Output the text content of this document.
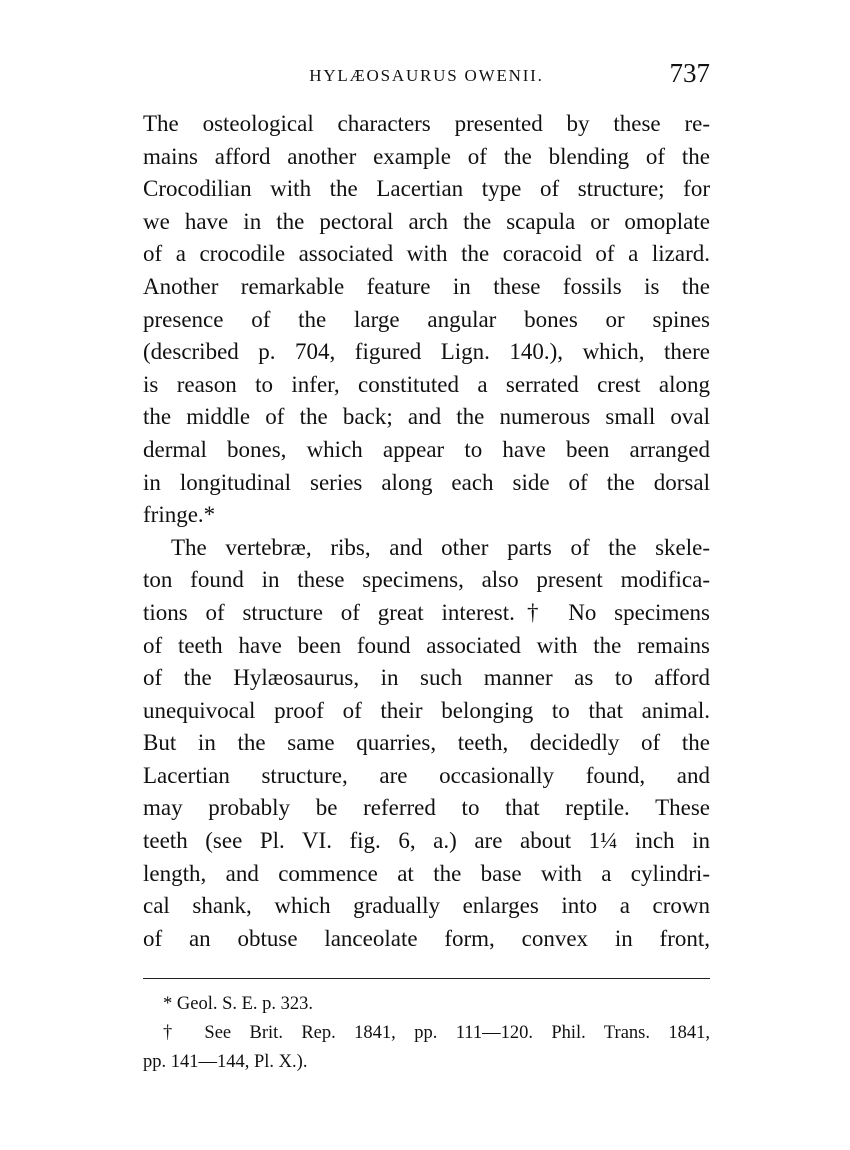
HYLÆOSAURUS OWENII.	737
The osteological characters presented by these re-
mains afford another example of the blending of the
Crocodilian with the Lacertian type of structure; for
we have in the pectoral arch the scapula or omoplate
of a crocodile associated with the coracoid of a lizard.
Another remarkable feature in these fossils is the
presence of the large angular bones or spines
(described p. 704, figured Lign. 140.), which, there
is reason to infer, constituted a serrated crest along
the middle of the back; and the numerous small oval
dermal bones, which appear to have been arranged
in longitudinal series along each side of the dorsal
fringe.*
The vertebræ, ribs, and other parts of the skele-
ton found in these specimens, also present modifica-
tions of structure of great interest.† No specimens
of teeth have been found associated with the remains
of the Hylæosaurus, in such manner as to afford
unequivocal proof of their belonging to that animal.
But in the same quarries, teeth, decidedly of the
Lacertian structure, are occasionally found, and
may probably be referred to that reptile. These
teeth (see Pl. VI. fig. 6, a.) are about 1¼ inch in
length, and commence at the base with a cylindri-
cal shank, which gradually enlarges into a crown
of an obtuse lanceolate form, convex in front,
* Geol. S. E. p. 323.
† See Brit. Rep. 1841, pp. 111—120. Phil. Trans. 1841,
pp. 141—144, Pl. X.).
